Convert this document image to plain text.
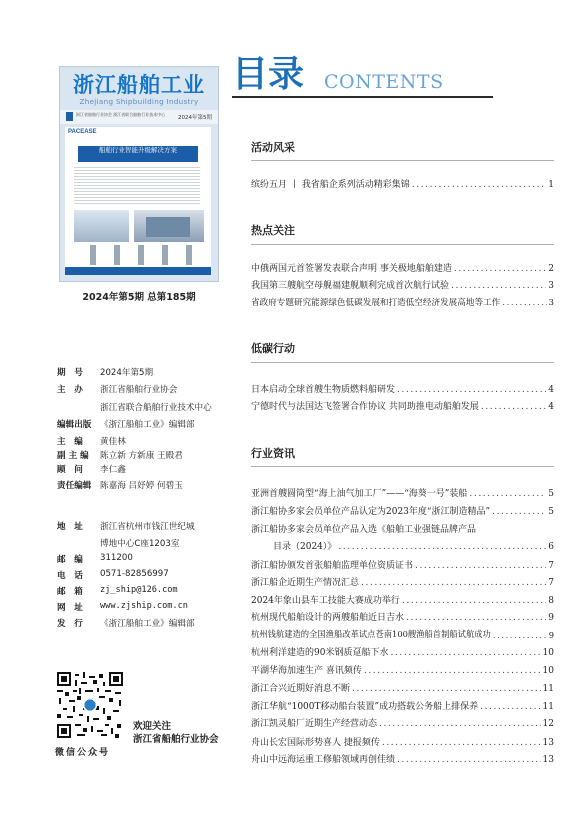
浙江船舶工业
Zhejiang Shipbuilding Industry
浙江省船舶行业协会 浙江省联合船舶行业技术中心
2024年第5期
PACEASE
船舶行业智能升级解决方案
2024年第5期 总第185期
期　号 2024年第5期
主　办 浙江省船舶行业协会
浙江省联合船舶行业技术中心
编辑出版 《浙江船舶工业》编辑部
主　编 黄佳林
副 主 编 陈立新 方新康 王殿君
顾　问 李仁鑫
责任编辑 陈嘉海 吕妤婷 何碧玉
地　址 浙江省杭州市钱江世纪城
博地中心C座1203室
邮　编 311200
电　话 0571-82856997
邮　箱 zj_ship@126.com
网　址 www.zjship.com.cn
发　行 《浙江船舶工业》编辑部
微信公众号
欢迎关注
浙江省船舶行业协会
目录 CONTENTS
活动风采
缤纷五月 丨 我省船企系列活动精彩集锦 .....	1
热点关注
中俄两国元首签署发表联合声明 事关极地船舶建造 .....	2
我国第三艘航空母舰福建舰顺利完成首次航行试验 .....	3
省政府专题研究能源绿色低碳发展和打造低空经济发展高地等工作 .....	3
低碳行动
日本启动全球首艘生物质燃料船研发 .....	4
宁德时代与法国达飞签署合作协议 共同助推电动船舶发展 .....	4
行业资讯
亚洲首艘圆筒型“海上油气加工厂”——“海葵一号”装船 .....	5
浙江船协多家会员单位产品认定为2023年度“浙江制造精品” .....	5
浙江船协多家会员单位产品入选《船舶工业强链品牌产品
目录（2024）》 .....	6
浙江船协颁发首张船舶监理单位资质证书 .....	7
浙江船企近期生产情况汇总 .....	7
2024年象山县车工技能大赛成功举行 .....	8
杭州现代船舶设计的两艘船舶近日吉水 .....	9
杭州钱航建造的全国渔船改革试点苍南100艘渔船首制船试航成功 .....	9
杭州利洋建造的90米钢质趸船下水 .....	10
平湖华海加速生产 喜讯频传 .....	10
浙江合兴近期好消息不断 .....	11
浙江华航“1000T移动船台装置”成功搭载公务船上排保养 .....	11
浙江凯灵船厂近期生产经营动态 .....	12
舟山长宏国际形势喜人 捷报频传 .....	13
舟山中远海运重工修船领域再创佳绩 .....	13
